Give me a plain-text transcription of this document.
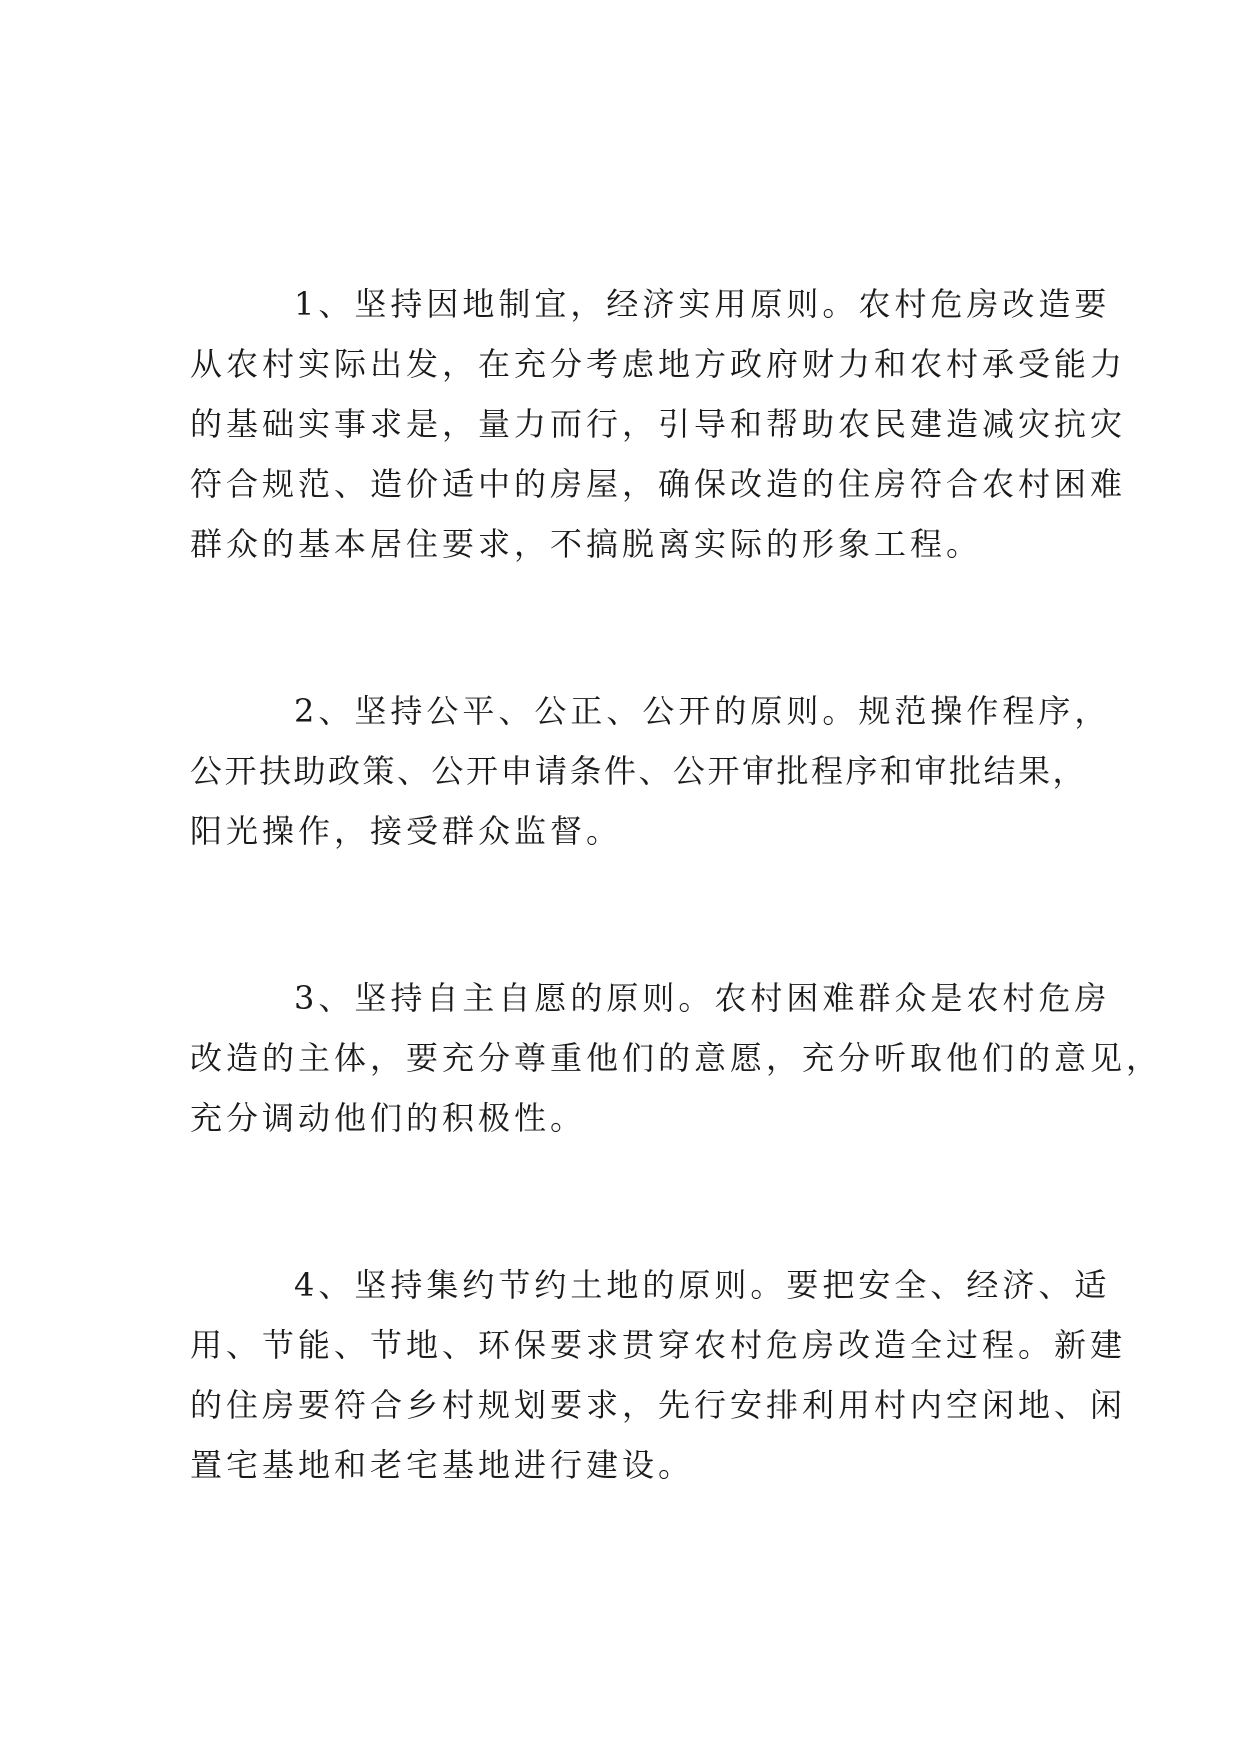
1、坚持因地制宜，经济实用原则。农村危房改造要
从农村实际出发，在充分考虑地方政府财力和农村承受能力
的基础实事求是，量力而行，引导和帮助农民建造减灾抗灾
符合规范、造价适中的房屋，确保改造的住房符合农村困难
群众的基本居住要求，不搞脱离实际的形象工程。

2、坚持公平、公正、公开的原则。规范操作程序，
公开扶助政策、公开申请条件、公开审批程序和审批结果，
阳光操作，接受群众监督。

3、坚持自主自愿的原则。农村困难群众是农村危房
改造的主体，要充分尊重他们的意愿，充分听取他们的意见，
充分调动他们的积极性。

4、坚持集约节约土地的原则。要把安全、经济、适
用、节能、节地、环保要求贯穿农村危房改造全过程。新建
的住房要符合乡村规划要求，先行安排利用村内空闲地、闲
置宅基地和老宅基地进行建设。
